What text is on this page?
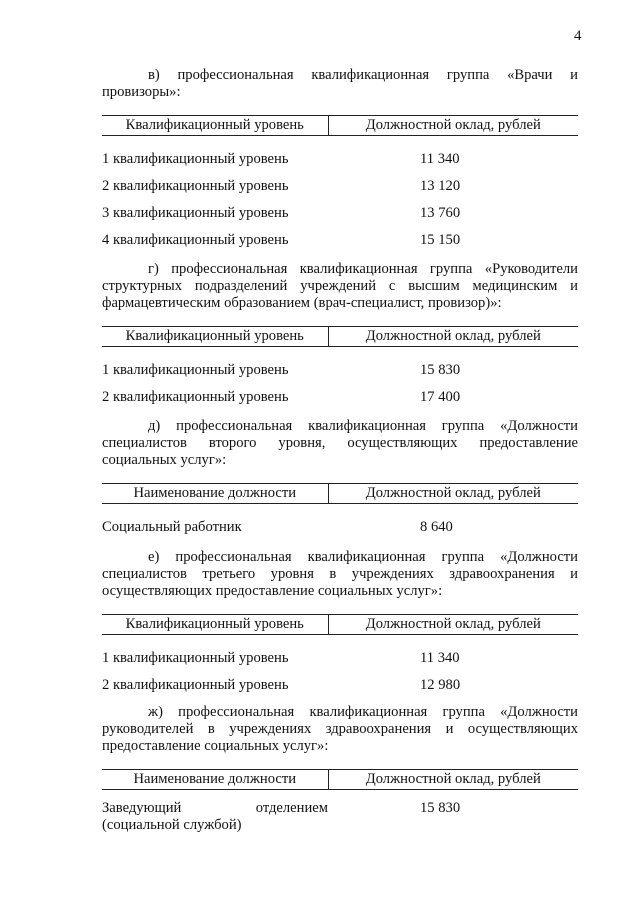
4

в) профессиональная квалификационная группа «Врачи и провизоры»:

Квалификационный уровень	Должностной оклад, рублей
1 квалификационный уровень	11 340
2 квалификационный уровень	13 120
3 квалификационный уровень	13 760
4 квалификационный уровень	15 150

г) профессиональная квалификационная группа «Руководители структурных подразделений учреждений с высшим медицинским и фармацевтическим образованием (врач-специалист, провизор)»:

Квалификационный уровень	Должностной оклад, рублей
1 квалификационный уровень	15 830
2 квалификационный уровень	17 400

д) профессиональная квалификационная группа «Должности специалистов второго уровня, осуществляющих предоставление социальных услуг»:

Наименование должности	Должностной оклад, рублей
Социальный работник	8 640

е) профессиональная квалификационная группа «Должности специалистов третьего уровня в учреждениях здравоохранения и осуществляющих предоставление социальных услуг»:

Квалификационный уровень	Должностной оклад, рублей
1 квалификационный уровень	11 340
2 квалификационный уровень	12 980

ж) профессиональная квалификационная группа «Должности руководителей в учреждениях здравоохранения и осуществляющих предоставление социальных услуг»:

Наименование должности	Должностной оклад, рублей

Заведующий отделением
(социальной службой)	15 830
